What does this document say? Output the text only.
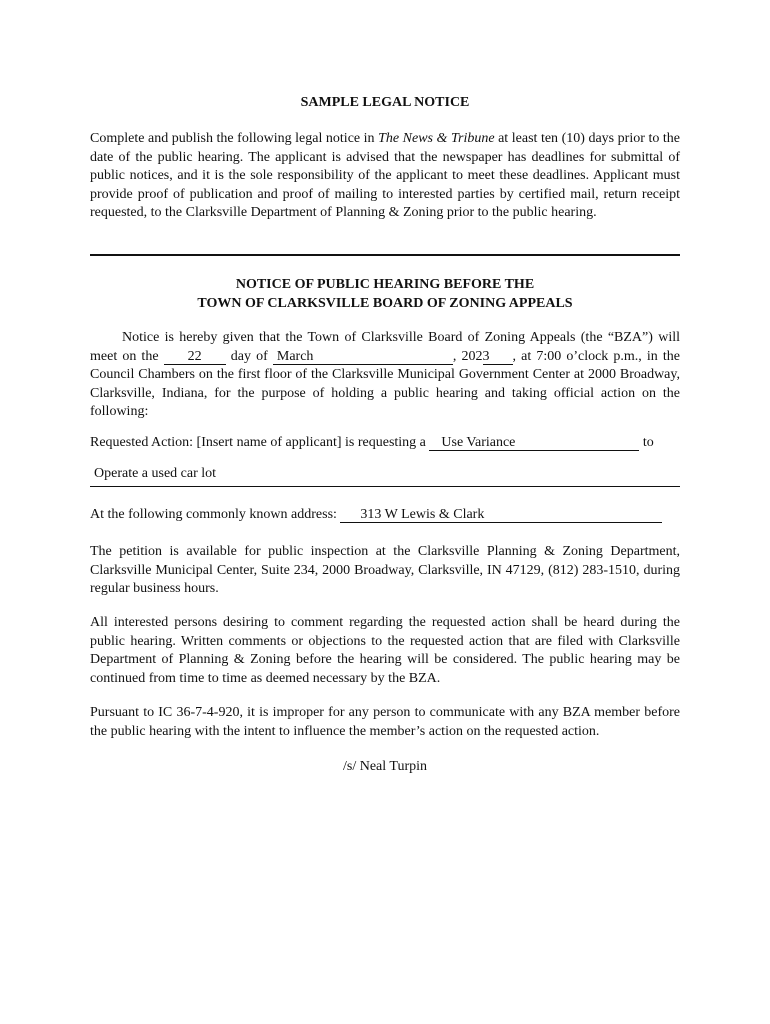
SAMPLE LEGAL NOTICE

Complete and publish the following legal notice in The News & Tribune at least ten (10) days prior to the date of the public hearing. The applicant is advised that the newspaper has deadlines for submittal of public notices, and it is the sole responsibility of the applicant to meet these deadlines. Applicant must provide proof of publication and proof of mailing to interested parties by certified mail, return receipt requested, to the Clarksville Department of Planning & Zoning prior to the public hearing.

NOTICE OF PUBLIC HEARING BEFORE THE
TOWN OF CLARKSVILLE BOARD OF ZONING APPEALS

Notice is hereby given that the Town of Clarksville Board of Zoning Appeals (the “BZA”) will meet on the 22 day of March	, 2023 , at 7:00 o’clock p.m., in the Council Chambers on the first floor of the Clarksville Municipal Government Center at 2000 Broadway, Clarksville, Indiana, for the purpose of holding a public hearing and taking official action on the following:

Requested Action: [Insert name of applicant] is requesting a Use Variance	to
Operate a used car lot
At the following commonly known address: 313 W Lewis & Clark

The petition is available for public inspection at the Clarksville Planning & Zoning Department, Clarksville Municipal Center, Suite 234, 2000 Broadway, Clarksville, IN 47129, (812) 283-1510, during regular business hours.

All interested persons desiring to comment regarding the requested action shall be heard during the public hearing. Written comments or objections to the requested action that are filed with Clarksville Department of Planning & Zoning before the hearing will be considered. The public hearing may be continued from time to time as deemed necessary by the BZA.

Pursuant to IC 36-7-4-920, it is improper for any person to communicate with any BZA member before the public hearing with the intent to influence the member’s action on the requested action.

/s/ Neal Turpin
